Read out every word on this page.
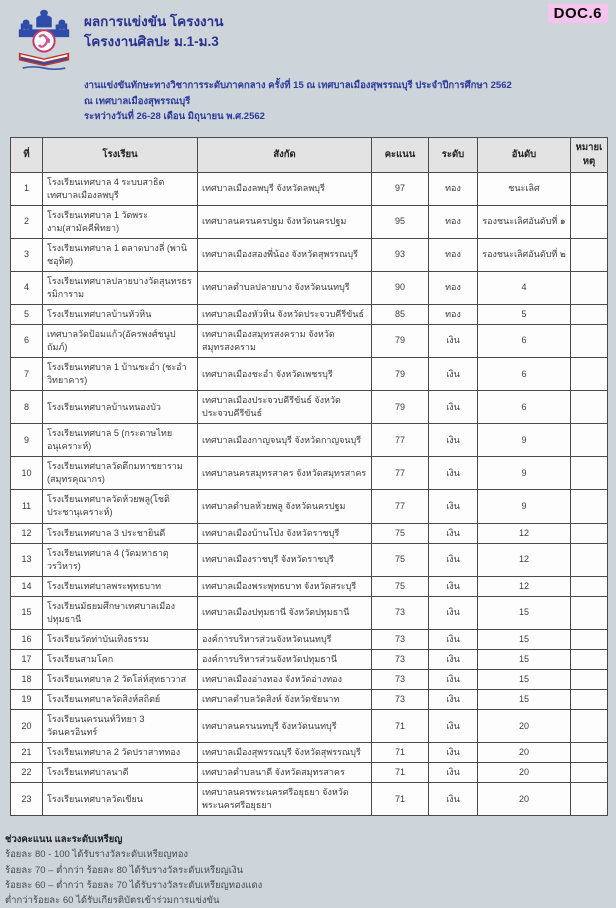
DOC.6
ผลการแข่งขัน โครงงาน
โครงงานศิลปะ ม.1-ม.3
งานแข่งขันทักษะทางวิชาการระดับภาคกลาง ครั้งที่ 15 ณ เทศบาลเมืองสุพรรณบุรี ประจำปีการศึกษา 2562
ณ เทศบาลเมืองสุพรรณบุรี
ระหว่างวันที่ 26-28 เดือน มิถุนายน พ.ศ.2562
ที่	โรงเรียน	สังกัด	คะแนน	ระดับ	อันดับ	หมายเหตุ
1	โรงเรียนเทศบาล 4 ระบบสาธิตเทศบาลเมืองลพบุรี	เทศบาลเมืองลพบุรี จังหวัดลพบุรี	97	ทอง	ชนะเลิศ	
2	โรงเรียนเทศบาล 1 วัดพระงาม(สามัคคีพิทยา)	เทศบาลนครนครปฐม จังหวัดนครปฐม	95	ทอง	รองชนะเลิศอันดับที่ ๑	
3	โรงเรียนเทศบาล 1 ตลาดบางลี่ (พานิชอุทิศ)	เทศบาลเมืองสองพี่น้อง จังหวัดสุพรรณบุรี	93	ทอง	รองชนะเลิศอันดับที่ ๒	
4	โรงเรียนเทศบาลปลายบางวัดสุนทรธรรมิการาม	เทศบาลตำบลปลายบาง จังหวัดนนทบุรี	90	ทอง	4	
5	โรงเรียนเทศบาลบ้านหัวหิน	เทศบาลเมืองหัวหิน จังหวัดประจวบคีรีขันธ์	85	ทอง	5	
6	เทศบาลวัดป้อมแก้ว(อัครพงศ์ชนูปถัมภ์)	เทศบาลเมืองสมุทรสงคราม จังหวัดสมุทรสงคราม	79	เงิน	6	
7	โรงเรียนเทศบาล 1 บ้านชะอำ (ชะอำวิทยาคาร)	เทศบาลเมืองชะอำ จังหวัดเพชรบุรี	79	เงิน	6	
8	โรงเรียนเทศบาลบ้านหนองบัว	เทศบาลเมืองประจวบคีรีขันธ์ จังหวัดประจวบคีรีขันธ์	79	เงิน	6	
9	โรงเรียนเทศบาล 5 (กระดาษไทยอนุเคราะห์)	เทศบาลเมืองกาญจนบุรี จังหวัดกาญจนบุรี	77	เงิน	9	
10	โรงเรียนเทศบาลวัดตึกมหาชยาราม (สมุทรคุณากร)	เทศบาลนครสมุทรสาคร จังหวัดสมุทรสาคร	77	เงิน	9	
11	โรงเรียนเทศบาลวัดห้วยพลู(โชติประชานุเคราะห์)	เทศบาลตำบลห้วยพลู จังหวัดนครปฐม	77	เงิน	9	
12	โรงเรียนเทศบาล 3 ประชายินดี	เทศบาลเมืองบ้านโป่ง จังหวัดราชบุรี	75	เงิน	12	
13	โรงเรียนเทศบาล 4 (วัดมหาธาตุวรวิหาร)	เทศบาลเมืองราชบุรี จังหวัดราชบุรี	75	เงิน	12	
14	โรงเรียนเทศบาลพระพุทธบาท	เทศบาลเมืองพระพุทธบาท จังหวัดสระบุรี	75	เงิน	12	
15	โรงเรียนมัธยมศึกษาเทศบาลเมืองปทุมธานี	เทศบาลเมืองปทุมธานี จังหวัดปทุมธานี	73	เงิน	15	
16	โรงเรียนวัดท่าบันเทิงธรรม	องค์การบริหารส่วนจังหวัดนนทบุรี	73	เงิน	15	
17	โรงเรียนสามโคก	องค์การบริหารส่วนจังหวัดปทุมธานี	73	เงิน	15	
18	โรงเรียนเทศบาล 2 วัดโล่ห์สุทธาวาส	เทศบาลเมืองอ่างทอง จังหวัดอ่างทอง	73	เงิน	15	
19	โรงเรียนเทศบาลวัดสิงห์สถิตย์	เทศบาลตำบลวัดสิงห์ จังหวัดชัยนาท	73	เงิน	15	
20	โรงเรียนนครนนท์วิทยา 3 วัดนครอินทร์	เทศบาลนครนนทบุรี จังหวัดนนทบุรี	71	เงิน	20	
21	โรงเรียนเทศบาล 2 วัดปราสาททอง	เทศบาลเมืองสุพรรณบุรี จังหวัดสุพรรณบุรี	71	เงิน	20	
22	โรงเรียนเทศบาลนาดี	เทศบาลตำบลนาดี จังหวัดสมุทรสาคร	71	เงิน	20	
23	โรงเรียนเทศบาลวัดเขียน	เทศบาลนครพระนครศรีอยุธยา จังหวัดพระนครศรีอยุธยา	71	เงิน	20	
ช่วงคะแนน และระดับเหรียญ
ร้อยละ 80 - 100 ได้รับรางวัลระดับเหรียญทอง
ร้อยละ 70 – ต่ำกว่า ร้อยละ 80 ได้รับรางวัลระดับเหรียญเงิน
ร้อยละ 60 – ต่ำกว่า ร้อยละ 70 ได้รับรางวัลระดับเหรียญทองแดง
ต่ำกว่าร้อยละ 60 ได้รับเกียรติบัตรเข้าร่วมการแข่งขัน
